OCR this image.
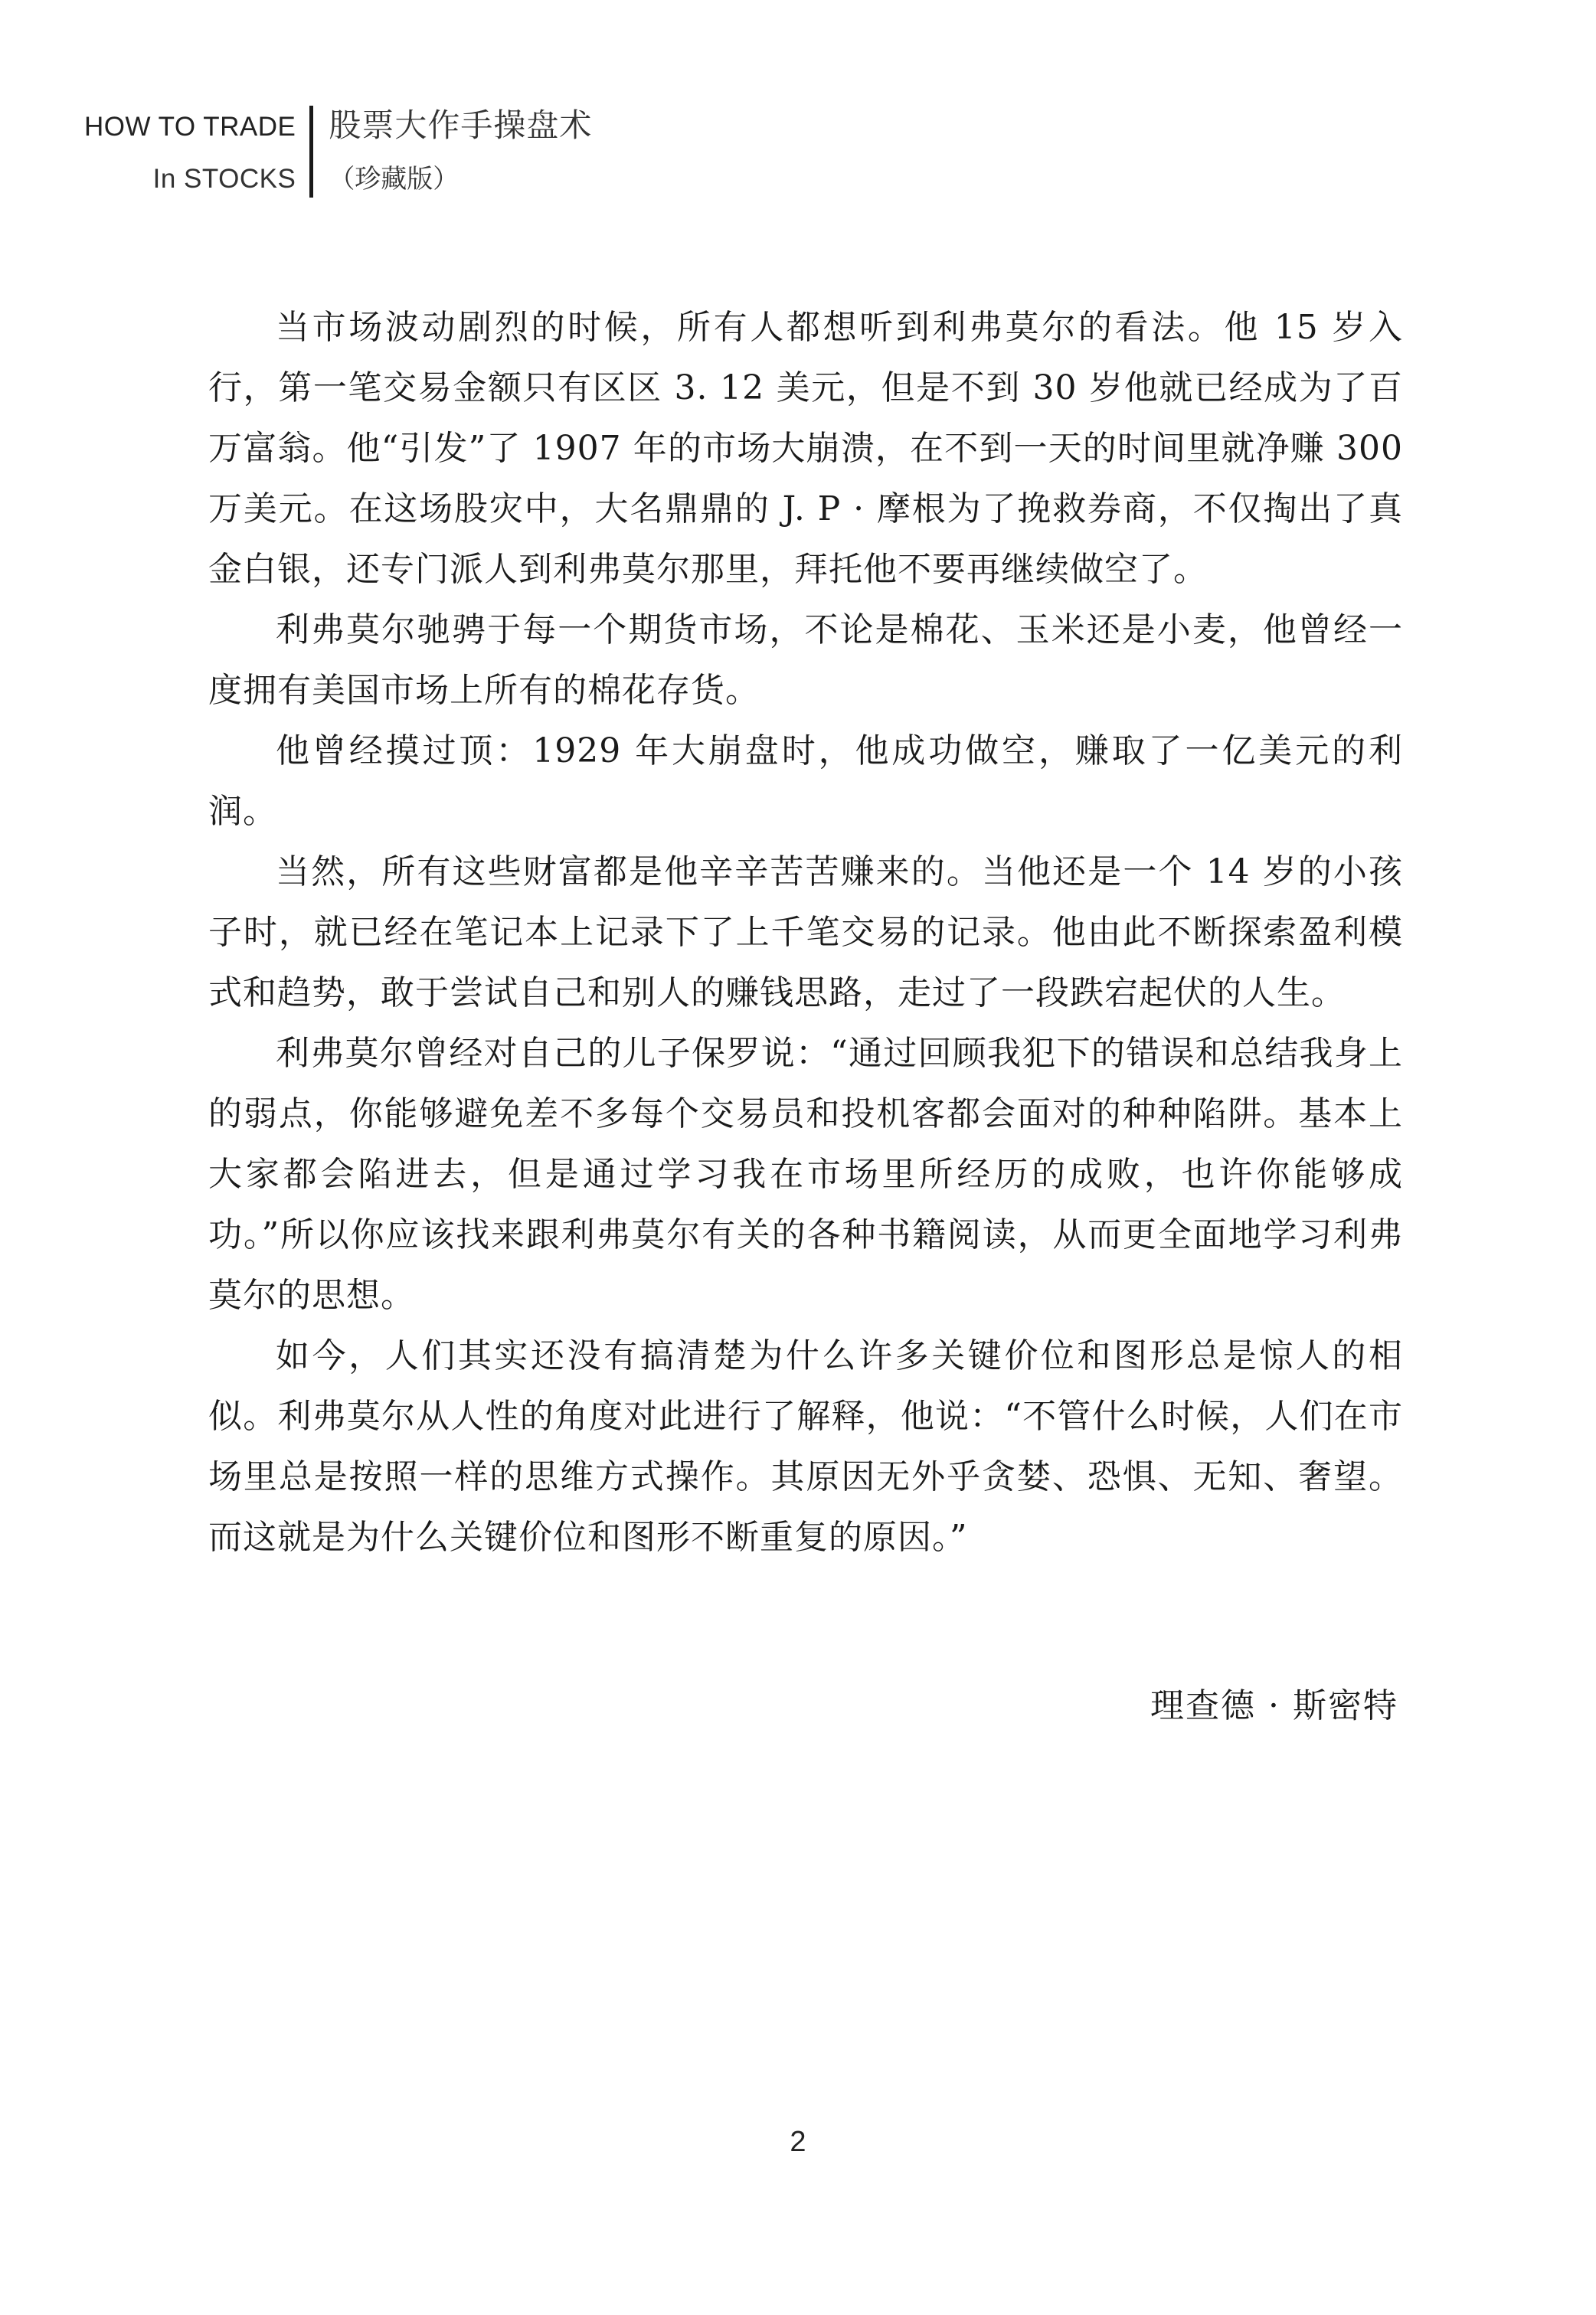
HOW TO TRADE
In STOCKS
股票大作手操盘术
（珍藏版）

当市场波动剧烈的时候，所有人都想听到利弗莫尔的看法。他 15 岁入行，第一笔交易金额只有区区 3. 12 美元，但是不到 30 岁他就已经成为了百万富翁。他“引发”了 1907 年的市场大崩溃，在不到一天的时间里就净赚 300 万美元。在这场股灾中，大名鼎鼎的 J. P · 摩根为了挽救券商，不仅掏出了真金白银，还专门派人到利弗莫尔那里，拜托他不要再继续做空了。

利弗莫尔驰骋于每一个期货市场，不论是棉花、玉米还是小麦，他曾经一度拥有美国市场上所有的棉花存货。

他曾经摸过顶：1929 年大崩盘时，他成功做空，赚取了一亿美元的利润。

当然，所有这些财富都是他辛辛苦苦赚来的。当他还是一个 14 岁的小孩子时，就已经在笔记本上记录下了上千笔交易的记录。他由此不断探索盈利模式和趋势，敢于尝试自己和别人的赚钱思路，走过了一段跌宕起伏的人生。

利弗莫尔曾经对自己的儿子保罗说：“通过回顾我犯下的错误和总结我身上的弱点，你能够避免差不多每个交易员和投机客都会面对的种种陷阱。基本上大家都会陷进去，但是通过学习我在市场里所经历的成败，也许你能够成功。”所以你应该找来跟利弗莫尔有关的各种书籍阅读，从而更全面地学习利弗莫尔的思想。

如今，人们其实还没有搞清楚为什么许多关键价位和图形总是惊人的相似。利弗莫尔从人性的角度对此进行了解释，他说：“不管什么时候，人们在市场里总是按照一样的思维方式操作。其原因无外乎贪婪、恐惧、无知、奢望。而这就是为什么关键价位和图形不断重复的原因。”

理查德 · 斯密特
2
